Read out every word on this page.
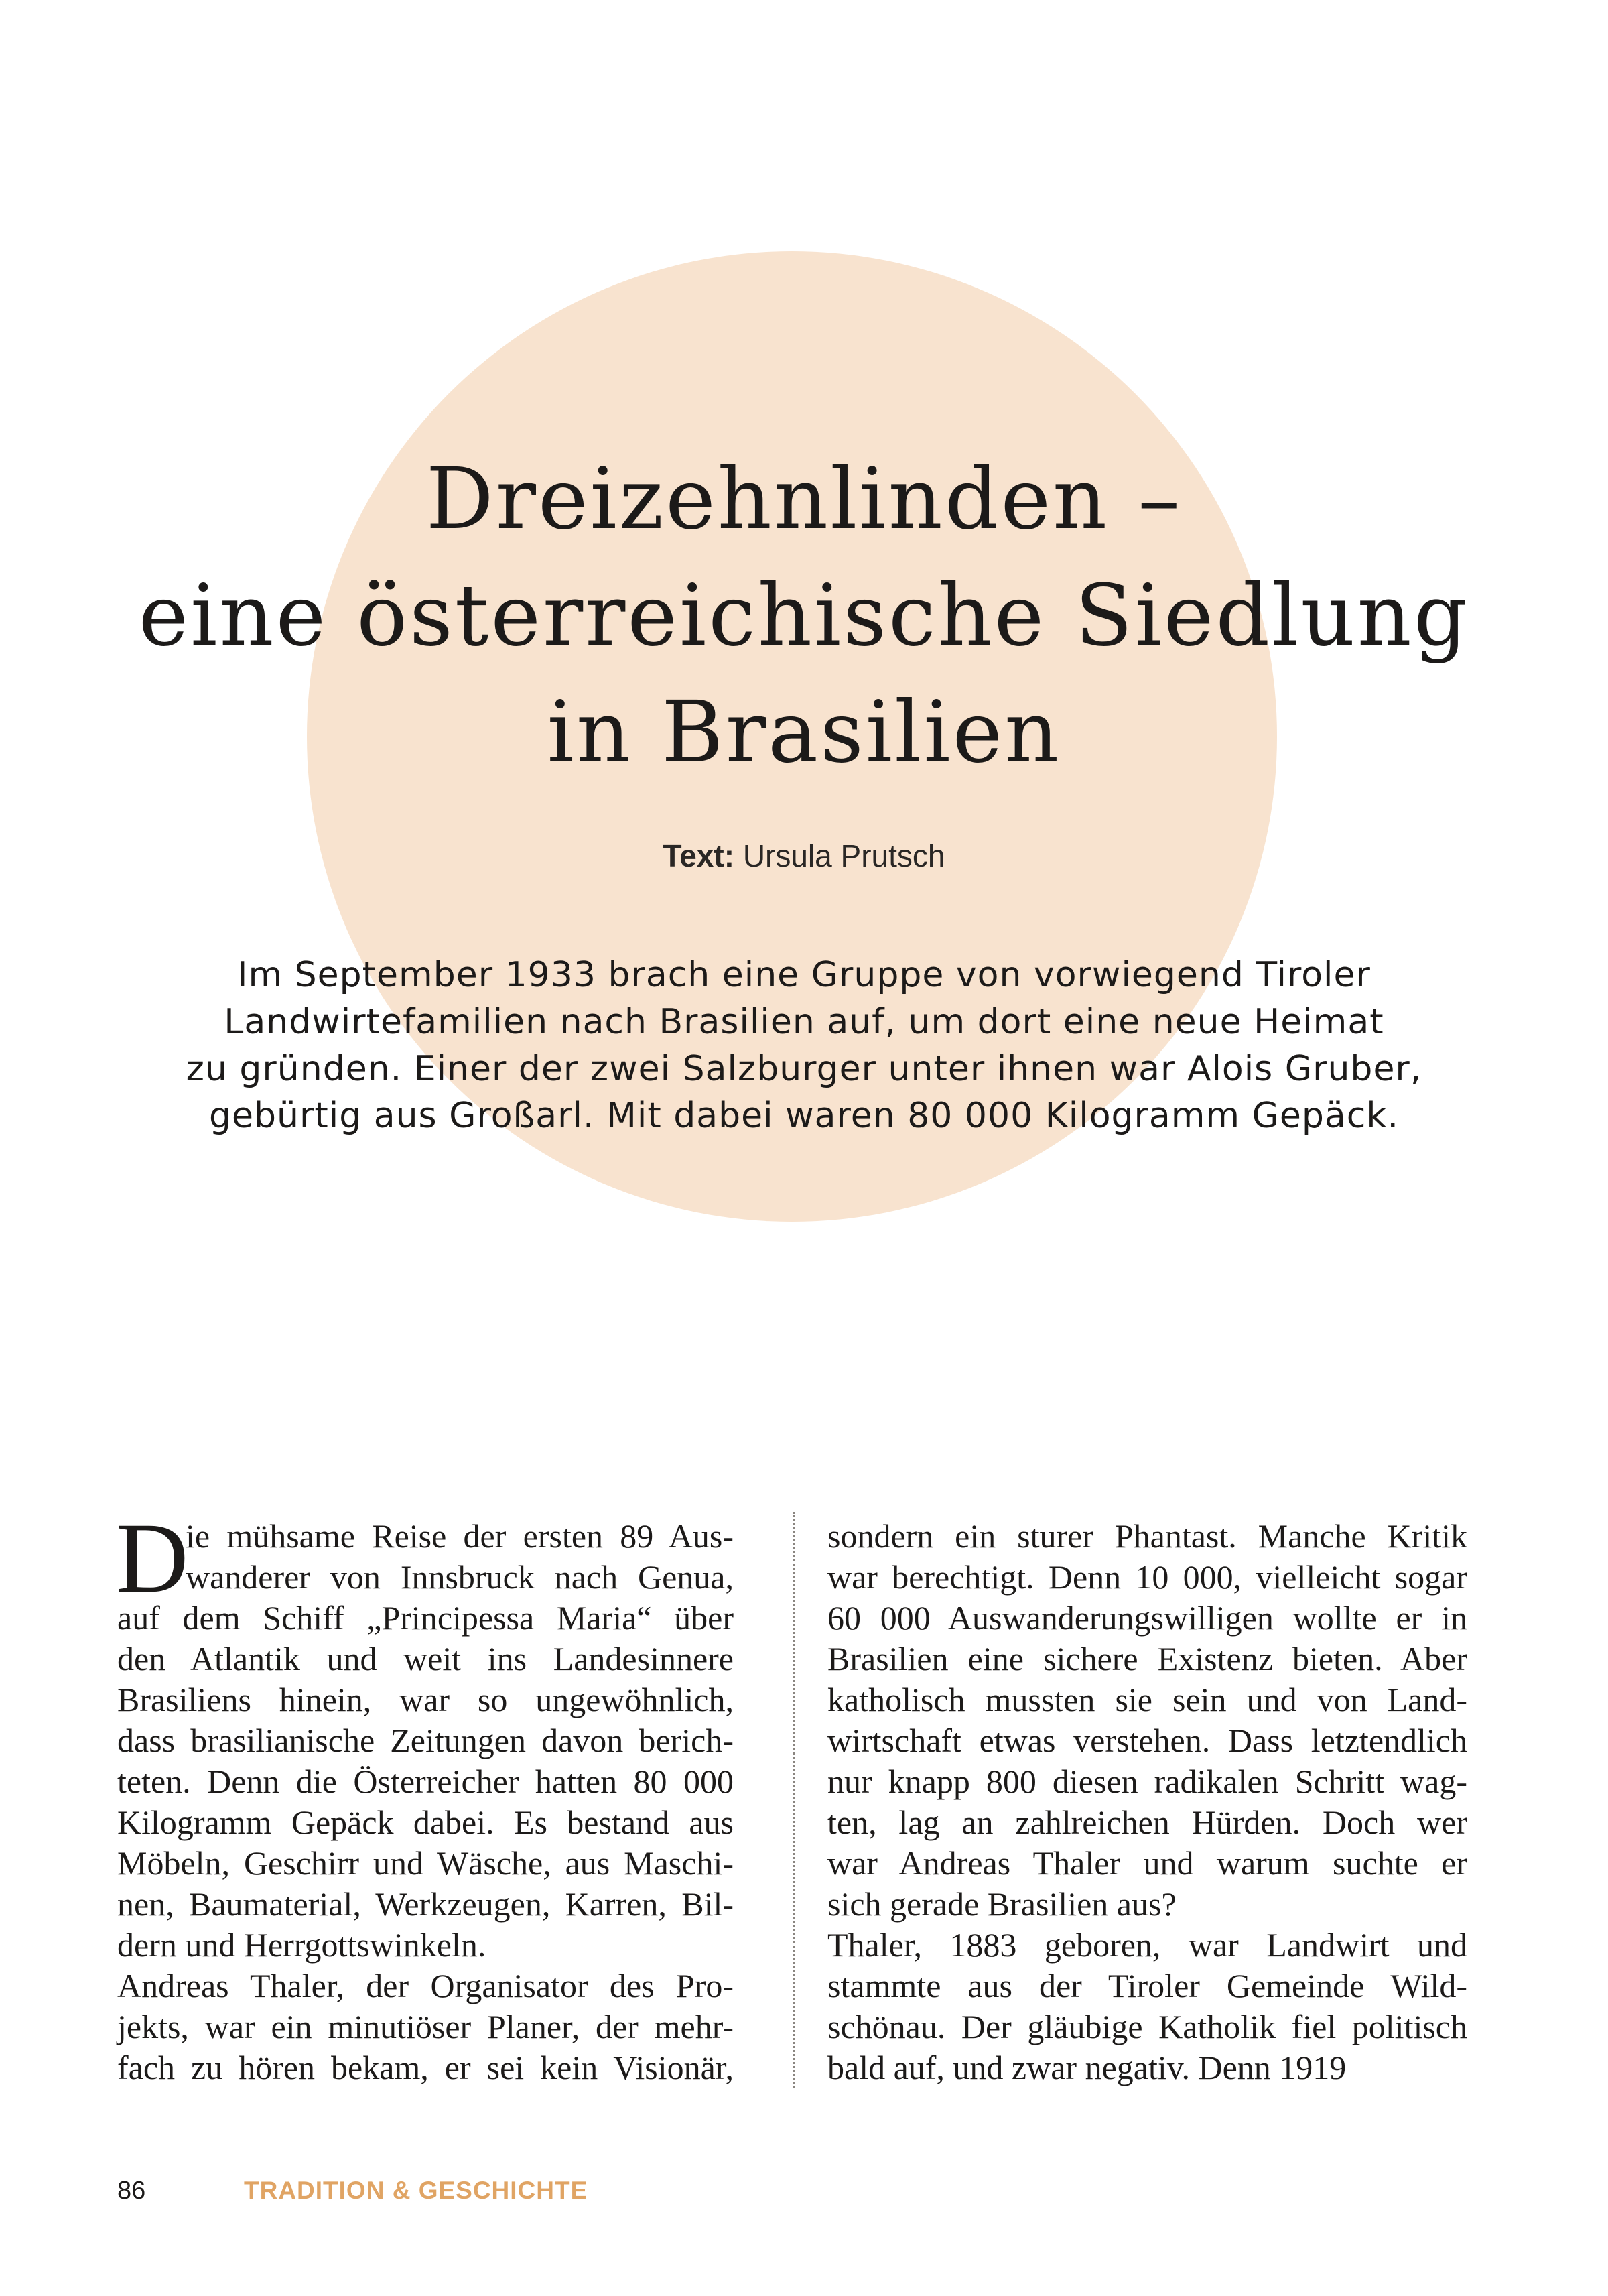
Dreizehnlinden –
eine österreichische Siedlung
in Brasilien
Text: Ursula Prutsch
Im September 1933 brach eine Gruppe von vorwiegend Tiroler
Landwirtefamilien nach Brasilien auf, um dort eine neue Heimat
zu gründen. Einer der zwei Salzburger unter ihnen war Alois Gruber,
gebürtig aus Großarl. Mit dabei waren 80 000 Kilogramm Gepäck.
D
ie mühsame Reise der ersten 89 Aus-
wanderer von Innsbruck nach Genua,
auf dem Schiff „Principessa Maria“ über
den Atlantik und weit ins Landesinnere
Brasiliens hinein, war so ungewöhnlich,
dass brasilianische Zeitungen davon berich-
teten. Denn die Österreicher hatten 80 000
Kilogramm Gepäck dabei. Es bestand aus
Möbeln, Geschirr und Wäsche, aus Maschi-
nen, Baumaterial, Werkzeugen, Karren, Bil-
dern und Herrgottswinkeln.
Andreas Thaler, der Organisator des Pro-
jekts, war ein minutiöser Planer, der mehr-
fach zu hören bekam, er sei kein Visionär,
sondern ein sturer Phantast. Manche Kritik
war berechtigt. Denn 10 000, vielleicht sogar
60 000 Auswanderungswilligen wollte er in
Brasilien eine sichere Existenz bieten. Aber
katholisch mussten sie sein und von Land-
wirtschaft etwas verstehen. Dass letztendlich
nur knapp 800 diesen radikalen Schritt wag-
ten, lag an zahlreichen Hürden. Doch wer
war Andreas Thaler und warum suchte er
sich gerade Brasilien aus?
Thaler, 1883 geboren, war Landwirt und
stammte aus der Tiroler Gemeinde Wild-
schönau. Der gläubige Katholik fiel politisch
bald auf, und zwar negativ. Denn 1919
86	TRADITION & GESCHICHTE
